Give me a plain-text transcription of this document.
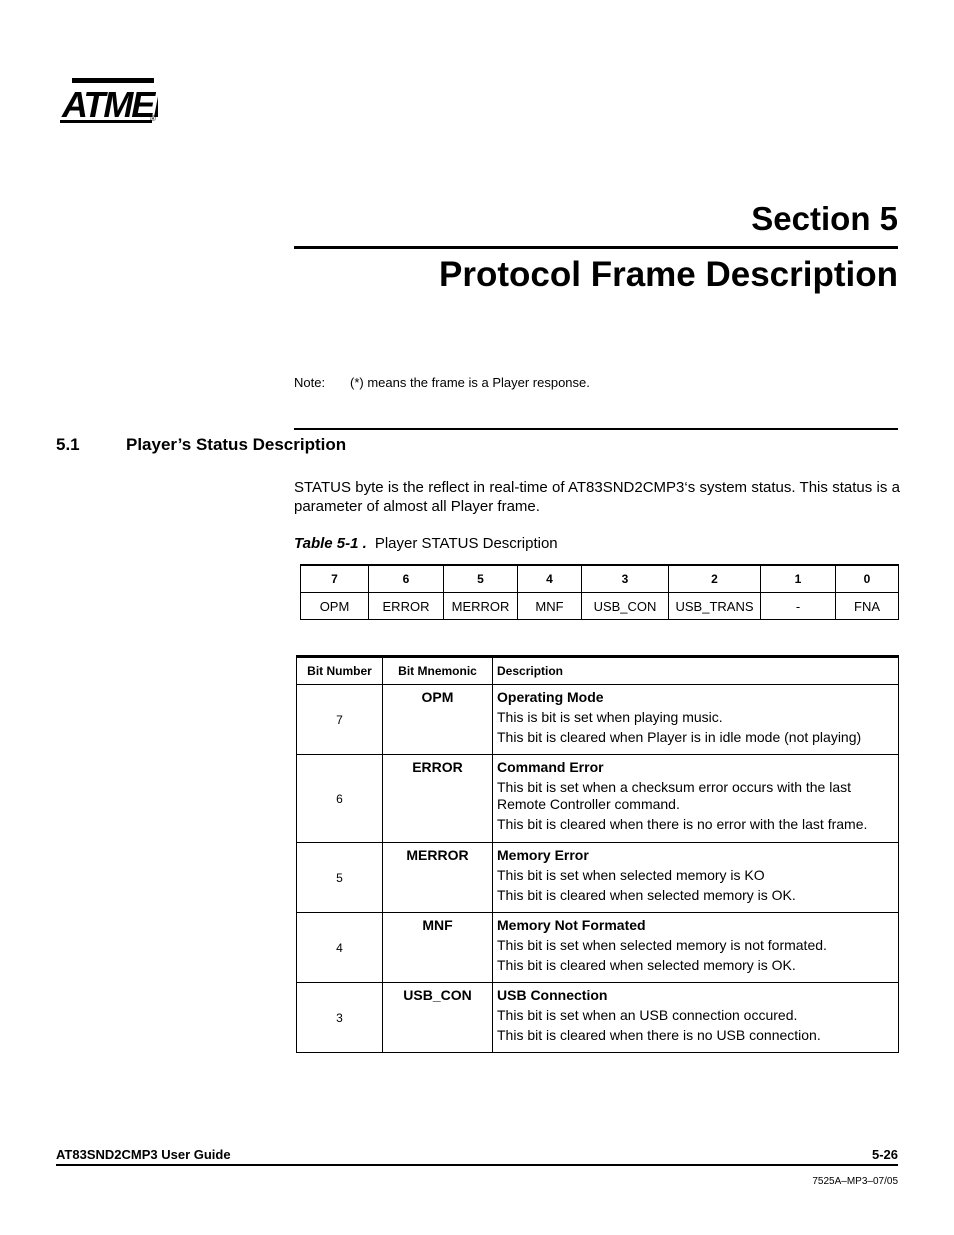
ATME
®
Section 5
Protocol Frame Description
Note: (*) means the frame is a Player response.
5.1	Player’s Status Description
STATUS byte is the reflect in real-time of AT83SND2CMP3‘s system status. This status is a parameter of almost all Player frame.
Table 5-1 . Player STATUS Description
7	6	5	4	3	2	1	0
OPM	ERROR	MERROR	MNF	USB_CON	USB_TRANS	-	FNA
Bit Number	Bit Mnemonic	Description
7	OPM	Operating Mode
This is bit is set when playing music.
This bit is cleared when Player is in idle mode (not playing)

6	ERROR	Command Error
This bit is set when a checksum error occurs with the last Remote Controller command.
This bit is cleared when there is no error with the last frame.

5	MERROR	Memory Error
This bit is set when selected memory is KO
This bit is cleared when selected memory is OK.

4	MNF	Memory Not Formated
This bit is set when selected memory is not formated.
This bit is cleared when selected memory is OK.

3	USB_CON	USB Connection
This bit is set when an USB connection occured.
This bit is cleared when there is no USB connection.
AT83SND2CMP3 User Guide	5-26
7525A–MP3–07/05
